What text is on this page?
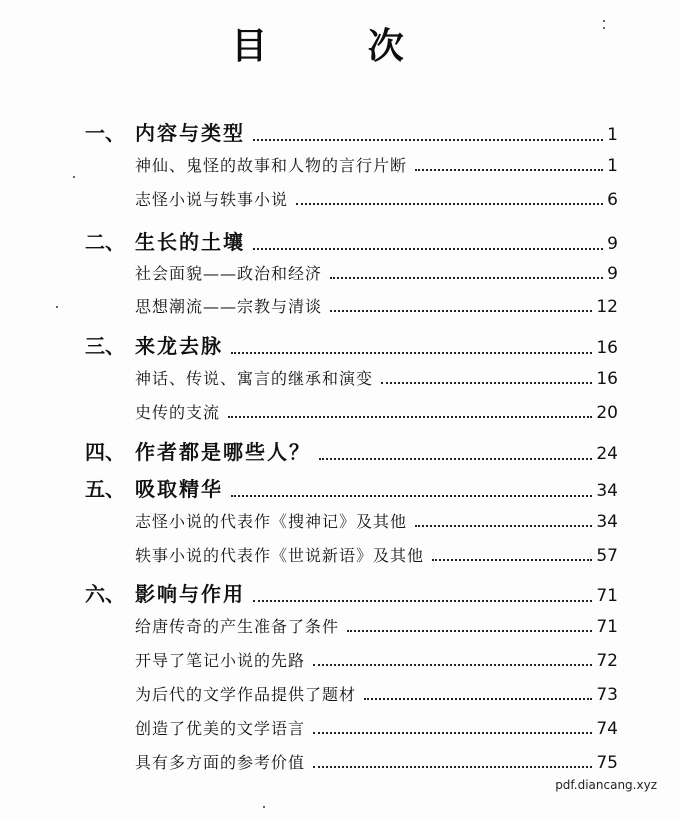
目 次
一、 内容与类型	1
神仙、鬼怪的故事和人物的言行片断	1
志怪小说与轶事小说	6
二、 生长的土壤	9
社会面貌——政治和经济	9
思想潮流——宗教与清谈	12
三、 来龙去脉	16
神话、传说、寓言的继承和演变	16
史传的支流	20
四、 作者都是哪些人？	24
五、 吸取精华	34
志怪小说的代表作《搜神记》及其他	34
轶事小说的代表作《世说新语》及其他	57
六、 影响与作用	71
给唐传奇的产生准备了条件	71
开导了笔记小说的先路	72
为后代的文学作品提供了题材	73
创造了优美的文学语言	74
具有多方面的参考价值	75
pdf.diancang.xyz
